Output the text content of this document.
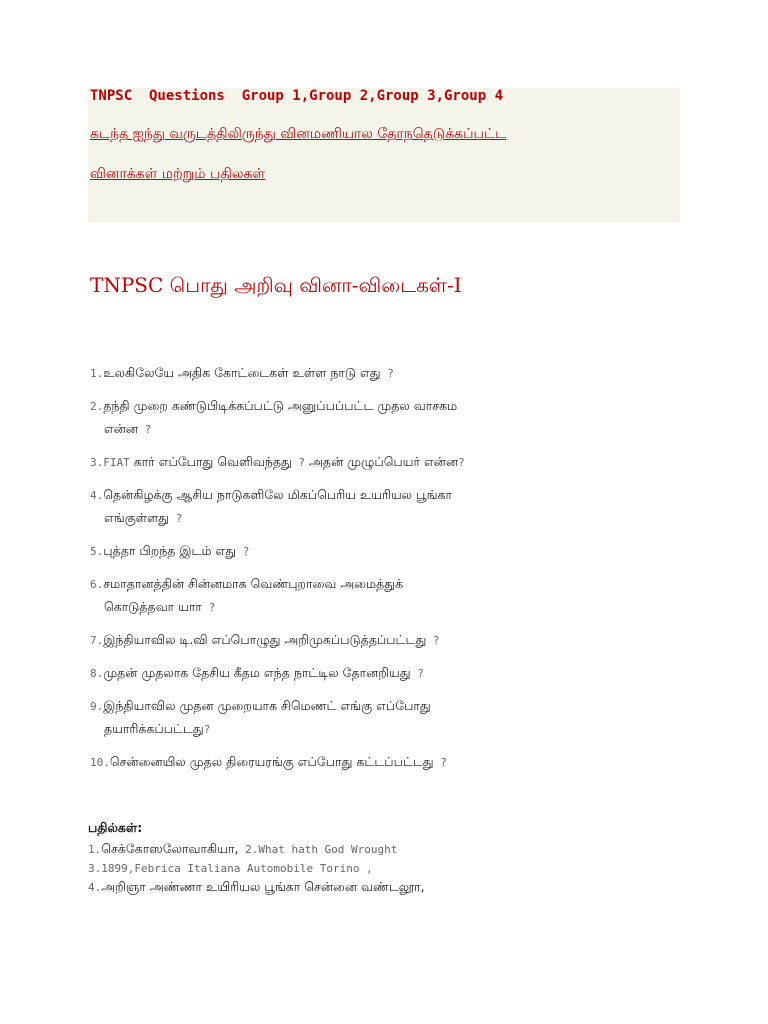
TNPSC  Questions  Group 1,Group 2,Group 3,Group 4
கடந்த ஐந்து வருடத்திலிருந்து வினமணியால தோநதெடுக்கப்பட்ட
வினாக்கள் மற்றும் பதிலகள்
TNPSC பொது அறிவு வினா-விடைகள்-I
1.உலகிலேயே அதிக கோட்டைகள் உள்ள நாடு எது ?
2.தந்தி முறை கண்டுபிடிக்கப்பட்டு அனுப்பப்பட்ட முதல வாசகம
என்ன ?
3.FIAT கார் எப்போது வெளிவந்தது ? அதன் முழுப்பெயர் என்ன?
4.தென்கிழக்கு ஆசிய நாடுகளிலே மிகப்பெரிய உயரியல பூங்கா
எங்குள்ளது ?
5.புத்தா பிறந்த இடம் எது ?
6.சமாதானத்தின் சின்னமாக வெண்புறாவை அமைத்துக்
கொடுத்தவா யாா ?
7.இந்தியாவில டி.வி எப்பொழுது அறிமுகப்படுத்தப்பட்டது ?
8.முதன் முதலாக தேசிய கீதம எந்த நாட்டில தோனறியது ?
9.இந்தியாவில முதன முறையாக சிமெணட் எங்கு எப்போது
தயாரிக்கப்பட்டது?
10.சென்னையில முதல திரையரங்கு எப்போது கட்டப்பட்டது ?
பதில்கள்:
1.செக்கோஸலோவாகியா, 2.What hath God Wrought
3.1899,Febrica Italiana Automobile Torino ,
4.அறிஞா அண்ணா உயிரியல பூங்கா சென்னை வண்டலூா,
